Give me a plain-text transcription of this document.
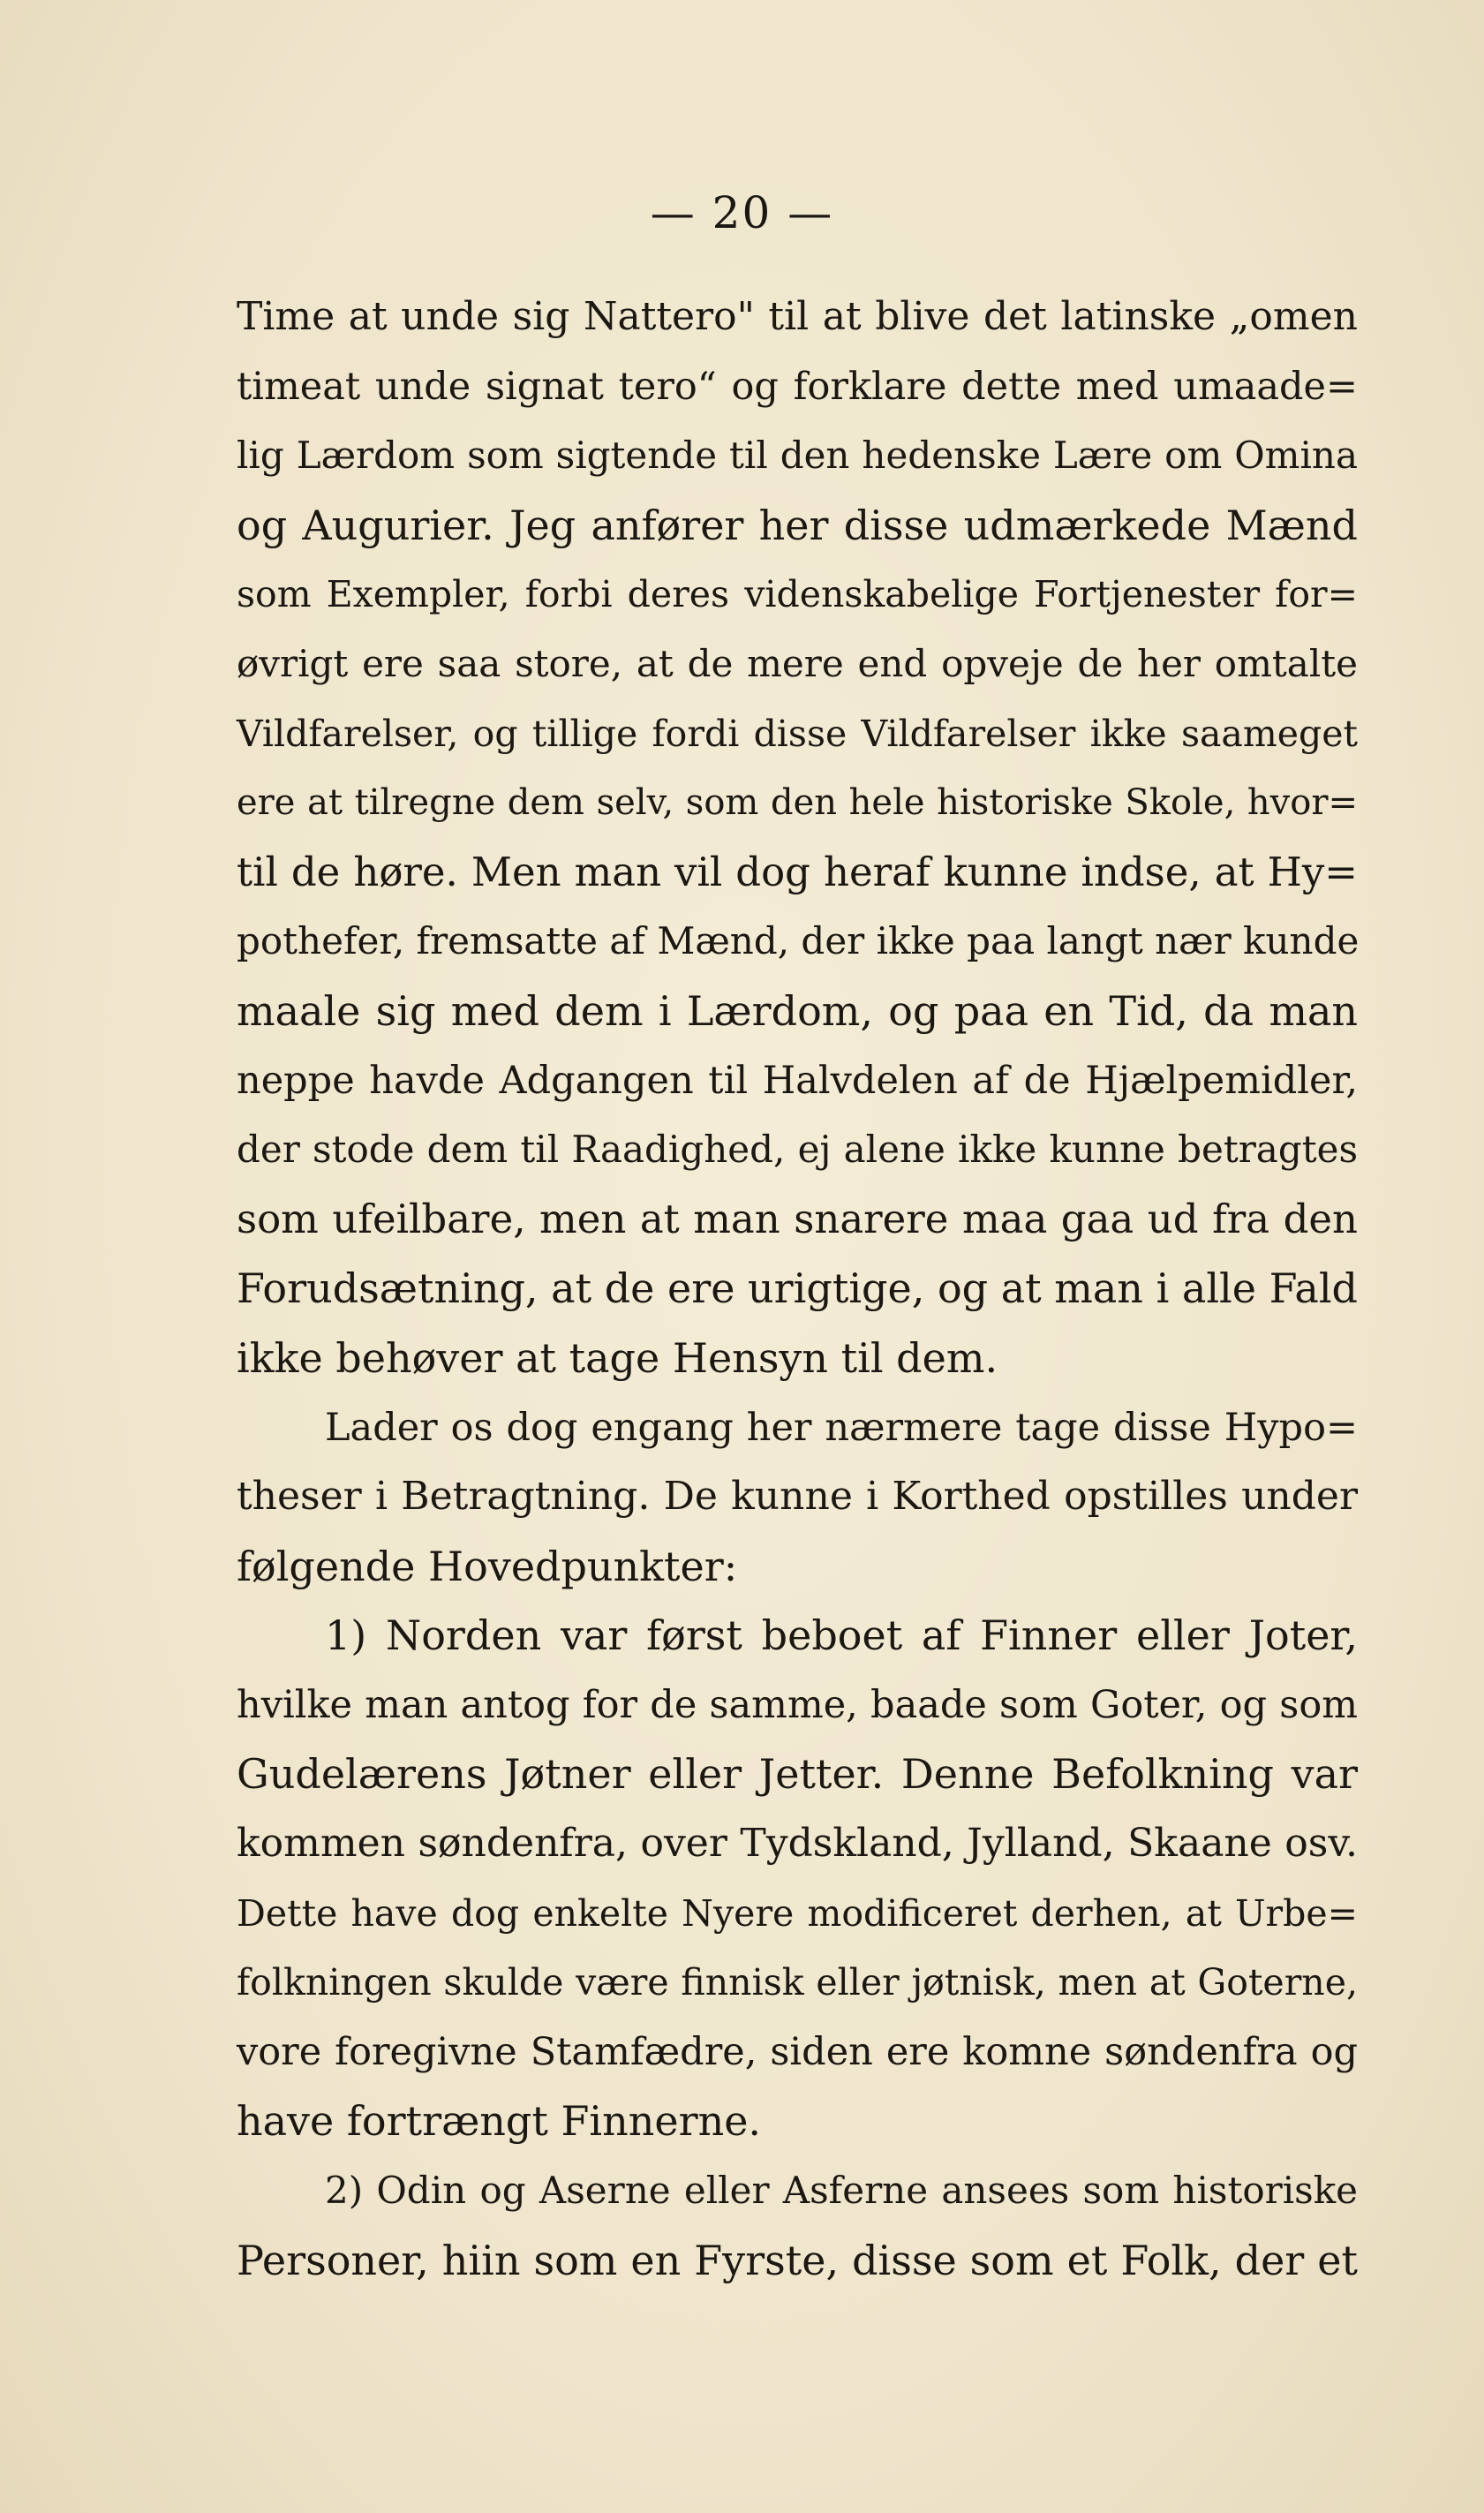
— 20 —
Time at unde sig Nattero" til at blive det latinske „omen
timeat unde signat tero“ og forklare dette med umaade=
lig Lærdom som sigtende til den hedenske Lære om Omina
og Augurier. Jeg anfører her disse udmærkede Mænd
som Exempler, forbi deres videnskabelige Fortjenester for=
øvrigt ere saa store, at de mere end opveje de her omtalte
Vildfarelser, og tillige fordi disse Vildfarelser ikke saameget
ere at tilregne dem selv, som den hele historiske Skole, hvor=
til de høre. Men man vil dog heraf kunne indse, at Hy=
pothefer, fremsatte af Mænd, der ikke paa langt nær kunde
maale sig med dem i Lærdom, og paa en Tid, da man
neppe havde Adgangen til Halvdelen af de Hjælpemidler,
der stode dem til Raadighed, ej alene ikke kunne betragtes
som ufeilbare, men at man snarere maa gaa ud fra den
Forudsætning, at de ere urigtige, og at man i alle Fald
ikke behøver at tage Hensyn til dem.
Lader os dog engang her nærmere tage disse Hypo=
theser i Betragtning. De kunne i Korthed opstilles under
følgende Hovedpunkter:
1) Norden var først beboet af Finner eller Joter,
hvilke man antog for de samme, baade som Goter, og som
Gudelærens Jøtner eller Jetter. Denne Befolkning var
kommen søndenfra, over Tydskland, Jylland, Skaane osv.
Dette have dog enkelte Nyere modificeret derhen, at Urbe=
folkningen skulde være finnisk eller jøtnisk, men at Goterne,
vore foregivne Stamfædre, siden ere komne søndenfra og
have fortrængt Finnerne.
2) Odin og Aserne eller Asferne ansees som historiske
Personer, hiin som en Fyrste, disse som et Folk, der et
